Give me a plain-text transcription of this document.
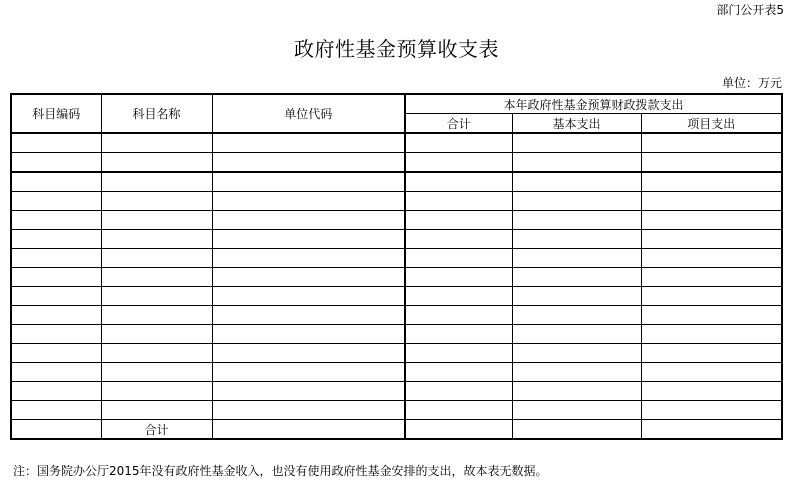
部门公开表5
政府性基金预算收支表
单位：万元
科目编码	科目名称	单位代码	本年政府性基金预算财政拨款支出		
			合计	基本支出	项目支出

	合计				
注：国务院办公厅2015年没有政府性基金收入，也没有使用政府性基金安排的支出，故本表无数据。
